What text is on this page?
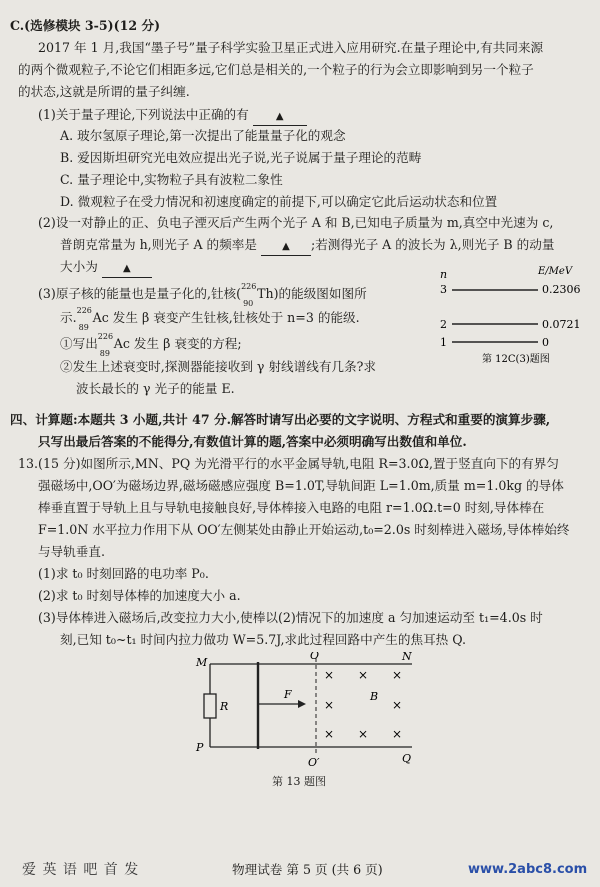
C.(选修模块 3-5)(12 分)
2017 年 1 月,我国“墨子号”量子科学实验卫星正式进入应用研究.在量子理论中,有共同来源
的两个微观粒子,不论它们相距多远,它们总是相关的,一个粒子的行为会立即影响到另一个粒子
的状态,这就是所谓的量子纠缠.
(1)关于量子理论,下列说法中正确的有	▲
A. 玻尔氢原子理论,第一次提出了能量量子化的观念
B. 爱因斯坦研究光电效应提出光子说,光子说属于量子理论的范畴
C. 量子理论中,实物粒子具有波粒二象性
D. 微观粒子在受力情况和初速度确定的前提下,可以确定它此后运动状态和位置
(2)设一对静止的正、负电子湮灭后产生两个光子 A 和 B,已知电子质量为 m,真空中光速为 c,
普朗克常量为 h,则光子 A 的频率是	▲ ;若测得光子 A 的波长为 λ,则光子 B 的动量
大小为	▲
(3)原子核的能量也是量子化的,钍核( 226
90
Th)的能级图如图所
示. 226
89
Ac 发生 β 衰变产生钍核,钍核处于 n=3 的能级.
①写出 226
89
Ac 发生 β 衰变的方程;
②发生上述衰变时,探测器能接收到 γ 射线谱线有几条?求
波长最长的 γ 光子的能量 E.
n	E/MeV
3	0.2306
2	0.0721
1	0
第 12C(3)题图
四、计算题:本题共 3 小题,共计 47 分.解答时请写出必要的文字说明、方程式和重要的演算步骤,
只写出最后答案的不能得分,有数值计算的题,答案中必须明确写出数值和单位.
13.(15 分)如图所示,MN、PQ 为光滑平行的水平金属导轨,电阻 R=3.0Ω,置于竖直向下的有界匀
强磁场中,OO′为磁场边界,磁场磁感应强度 B=1.0T,导轨间距 L=1.0m,质量 m=1.0kg 的导体
棒垂直置于导轨上且与导轨电接触良好,导体棒接入电路的电阻 r=1.0Ω.t=0 时刻,导体棒在
F=1.0N 水平拉力作用下从 OO′左侧某处由静止开始运动,t₀=2.0s 时刻棒进入磁场,导体棒始终
与导轨垂直.
(1)求 t₀ 时刻回路的电功率 P₀.
(2)求 t₀ 时刻导体棒的加速度大小 a.
(3)导体棒进入磁场后,改变拉力大小,使棒以(2)情况下的加速度 a 匀加速运动至 t₁=4.0s 时
刻,已知 t₀~t₁ 时间内拉力做功 W=5.7J,求此过程回路中产生的焦耳热 Q.
R
M
P
N
Q
F
O
O′
× × ×
×	×
B
× × ×
第 13 题图
爱 英 语 吧 首 发	物理试卷 第 5 页 (共 6 页)	www.2abc8.com
